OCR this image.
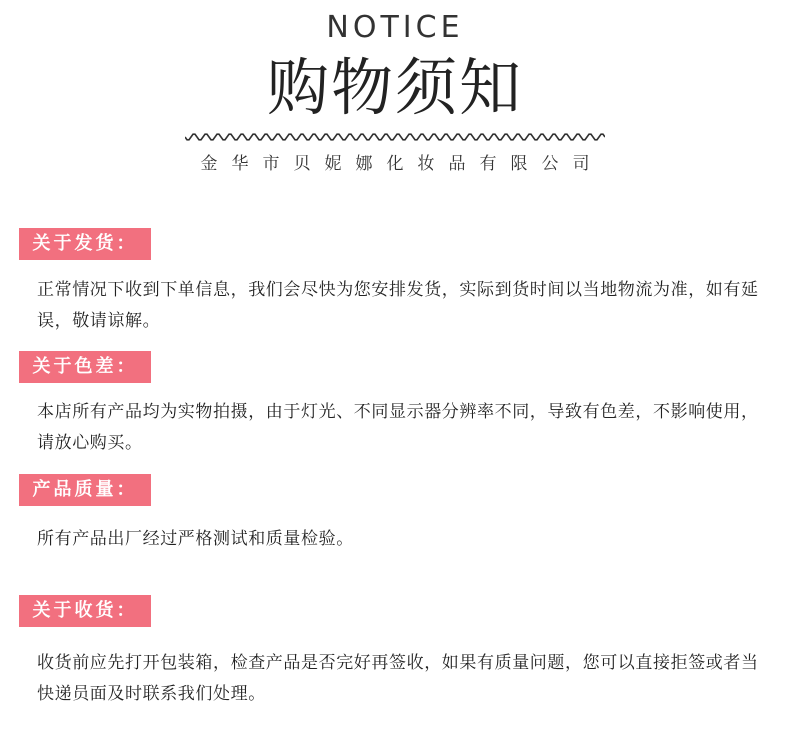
NOTICE
购物须知
金华市贝妮娜化妆品有限公司
关于发货：
正常情况下收到下单信息，我们会尽快为您安排发货，实际到货时间以当地物流为准，如有延误，敬请谅解。
关于色差：
本店所有产品均为实物拍摄，由于灯光、不同显示器分辨率不同，导致有色差，不影响使用，请放心购买。
产品质量：
所有产品出厂经过严格测试和质量检验。
关于收货：
收货前应先打开包装箱，检查产品是否完好再签收，如果有质量问题，您可以直接拒签或者当快递员面及时联系我们处理。
